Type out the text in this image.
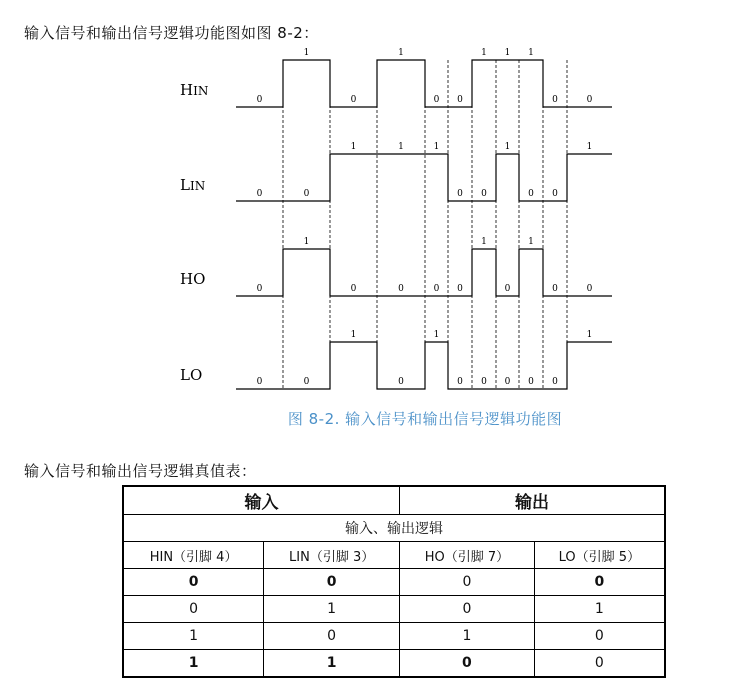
输入信号和输出信号逻辑功能图如图 8-2：
HIN
0
1
0
1
0 0
1 1 1
0	0
LIN
0	0
1	1	1
0 0
1
0 0
1
HO
0
1
0	0	0 0
1
0
1
0	0
LO	0	0
1
0
1
0 0 0 0 0
1
图 8-2. 输入信号和输出信号逻辑功能图
输入信号和输出信号逻辑真值表：
输入		输出	
输入、输出逻辑			
HIN（引脚 4）	LIN（引脚 3）	HO（引脚 7）	LO（引脚 5）
0	0	0	0
0	1	0	1
1	0	1	0
1	1	0	0
